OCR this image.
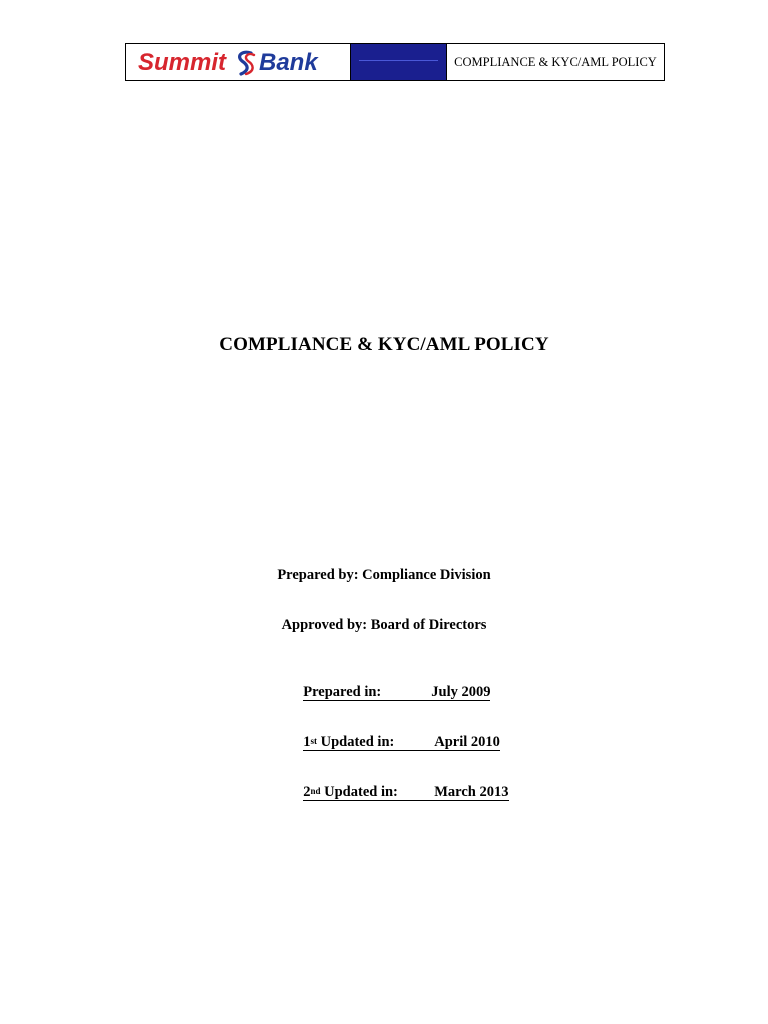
Summit Bank	COMPLIANCE & KYC/AML POLICY
COMPLIANCE & KYC/AML POLICY
Prepared by: Compliance Division
Approved by: Board of Directors

Prepared in:	July 2009

1st Updated in:	April 2010

2nd Updated in:	March 2013
